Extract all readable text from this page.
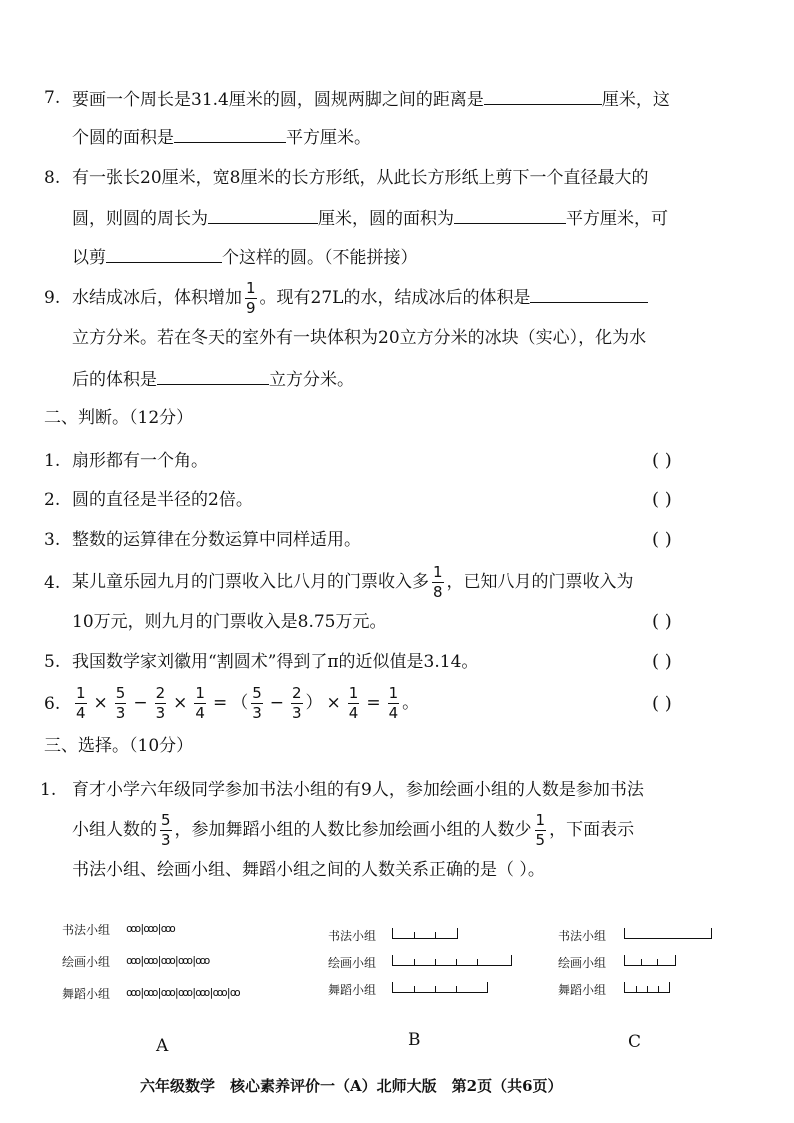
7. 要画一个周长是31.4厘米的圆，圆规两脚之间的距离是	厘米，这
个圆的面积是	平方厘米。
8. 有一张长20厘米，宽8厘米的长方形纸，从此长方形纸上剪下一个直径最大的
圆，则圆的周长为	厘米，圆的面积为	平方厘米，可
以剪	个这样的圆。（不能拼接）
9. 水结成冰后，体积增加 $\frac{1}{9}$ 。现有27L的水，结成冰后的体积是
立方分米。若在冬天的室外有一块体积为20立方分米的冰块（实心），化为水
后的体积是	立方分米。
二、判断。（12分）
1. 扇形都有一个角。	( )
2. 圆的直径是半径的2倍。	( )
3. 整数的运算律在分数运算中同样适用。	( )
4. 某儿童乐园九月的门票收入比八月的门票收入多 $\frac{1}{8}$ ，已知八月的门票收入为
10万元，则九月的门票收入是8.75万元。	( )
5. 我国数学家刘徽用“割圆术”得到了π的近似值是3.14。	( )
6. $\frac{1}{4} \times \frac{5}{3} - \frac{2}{3} \times \frac{1}{4}$ = （ $\frac{5}{3} - \frac{2}{3}$ ） × $\frac{1}{4} = \frac{1}{4}$ 。	( )
三、选择。（10分）
1. 育才小学六年级同学参加书法小组的有9人，参加绘画小组的人数是参加书法
小组人数的 $\frac{5}{3}$ ，参加舞蹈小组的人数比参加绘画小组的人数少 $\frac{1}{5}$ ，下面表示
书法小组、绘画小组、舞蹈小组之间的人数关系正确的是（ ）。
书法小组 ooo|ooo|ooo
绘画小组 ooo|ooo|ooo|ooo|ooo
舞蹈小组 ooo|ooo|ooo|ooo|ooo|ooo|oo
书法小组
绘画小组
舞蹈小组
书法小组
绘画小组
舞蹈小组
A	B	C
六年级数学　核心素养评价一（A）北师大版　第2页（共6页）
